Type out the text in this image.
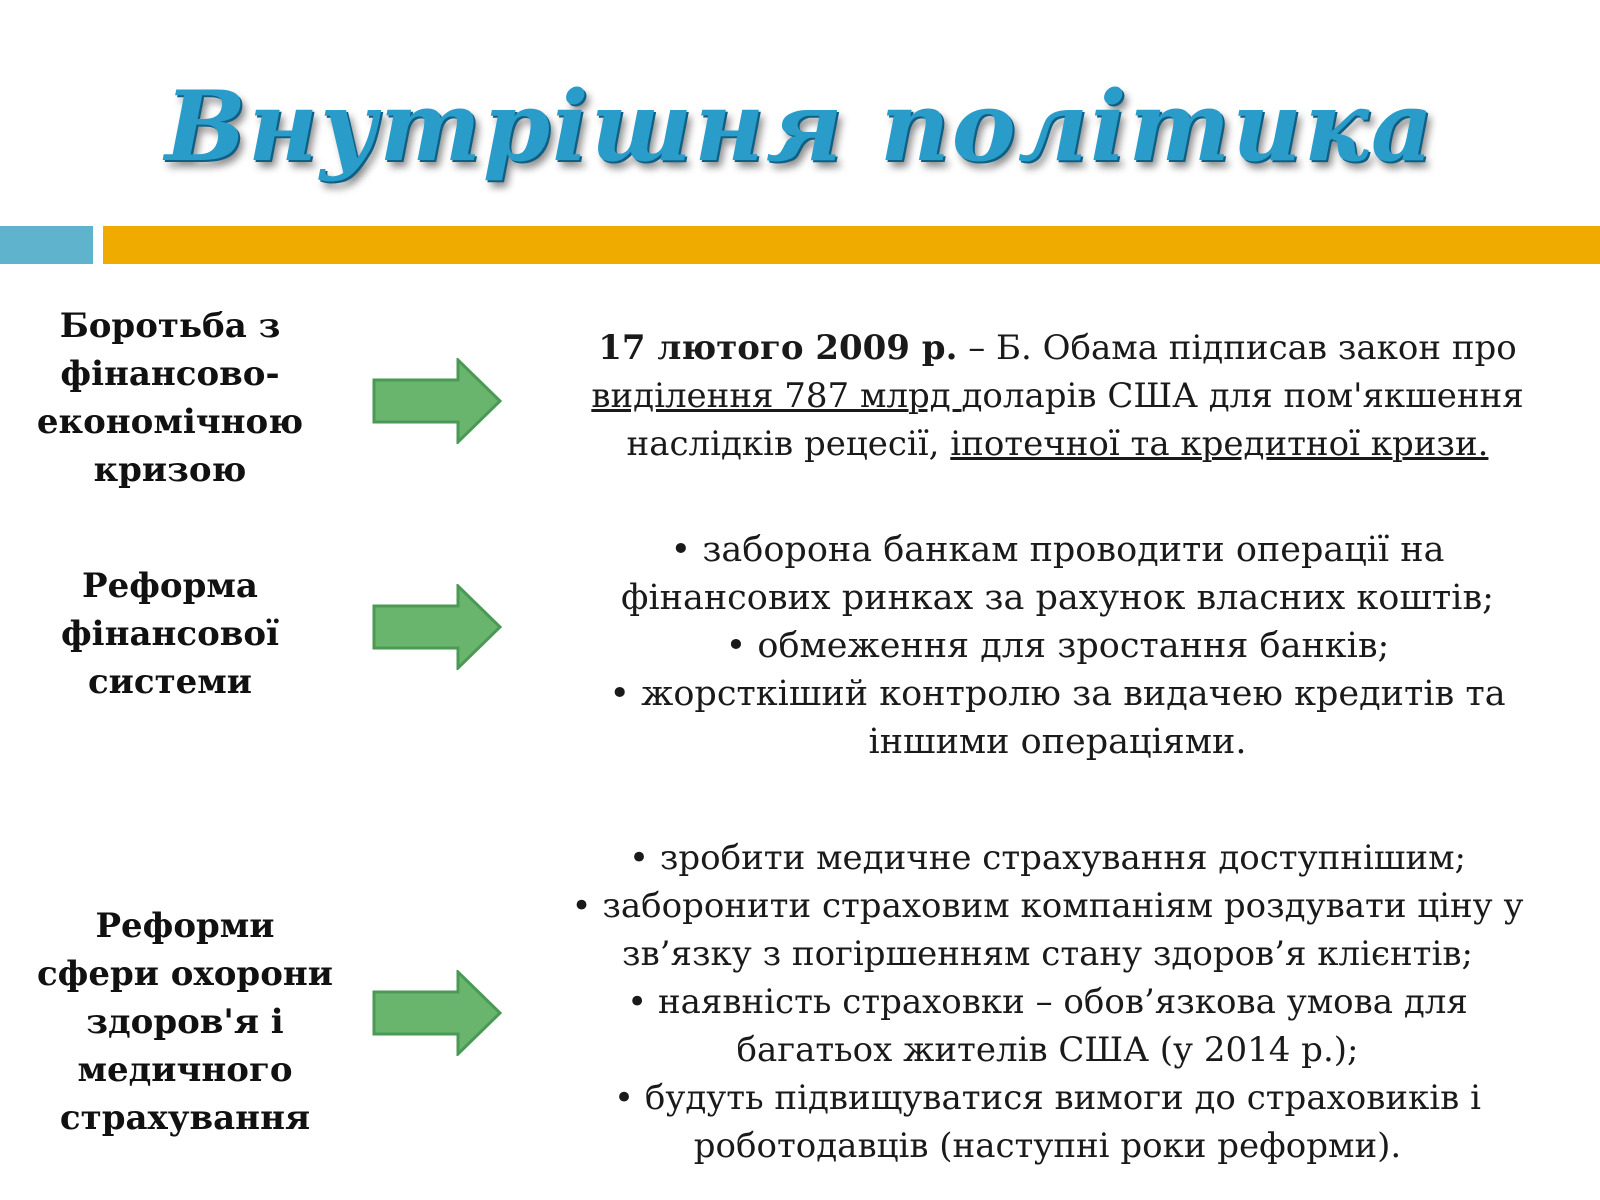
Внутрішня політика
Боротьба з
фінансово-
економічною
кризою
17 лютого 2009 р. – Б. Обама підписав закон про
виділення 787 млрд доларів США для пом'якшення
наслідків рецесії, іпотечної та кредитної кризи.
Реформа
фінансової
системи
• заборона банкам проводити операції на
фінансових ринках за рахунок власних коштів;
• обмеження для зростання банків;
• жорсткіший контролю за видачею кредитів та
іншими операціями.
Реформи
сфери охорони
здоров'я і
медичного
страхування
• зробити медичне страхування доступнішим;
• заборонити страховим компаніям роздувати ціну у
зв’язку з погіршенням стану здоров’я клієнтів;
• наявність страховки – обов’язкова умова для
багатьох жителів США (у 2014 р.);
• будуть підвищуватися вимоги до страховиків і
роботодавців (наступні роки реформи).
